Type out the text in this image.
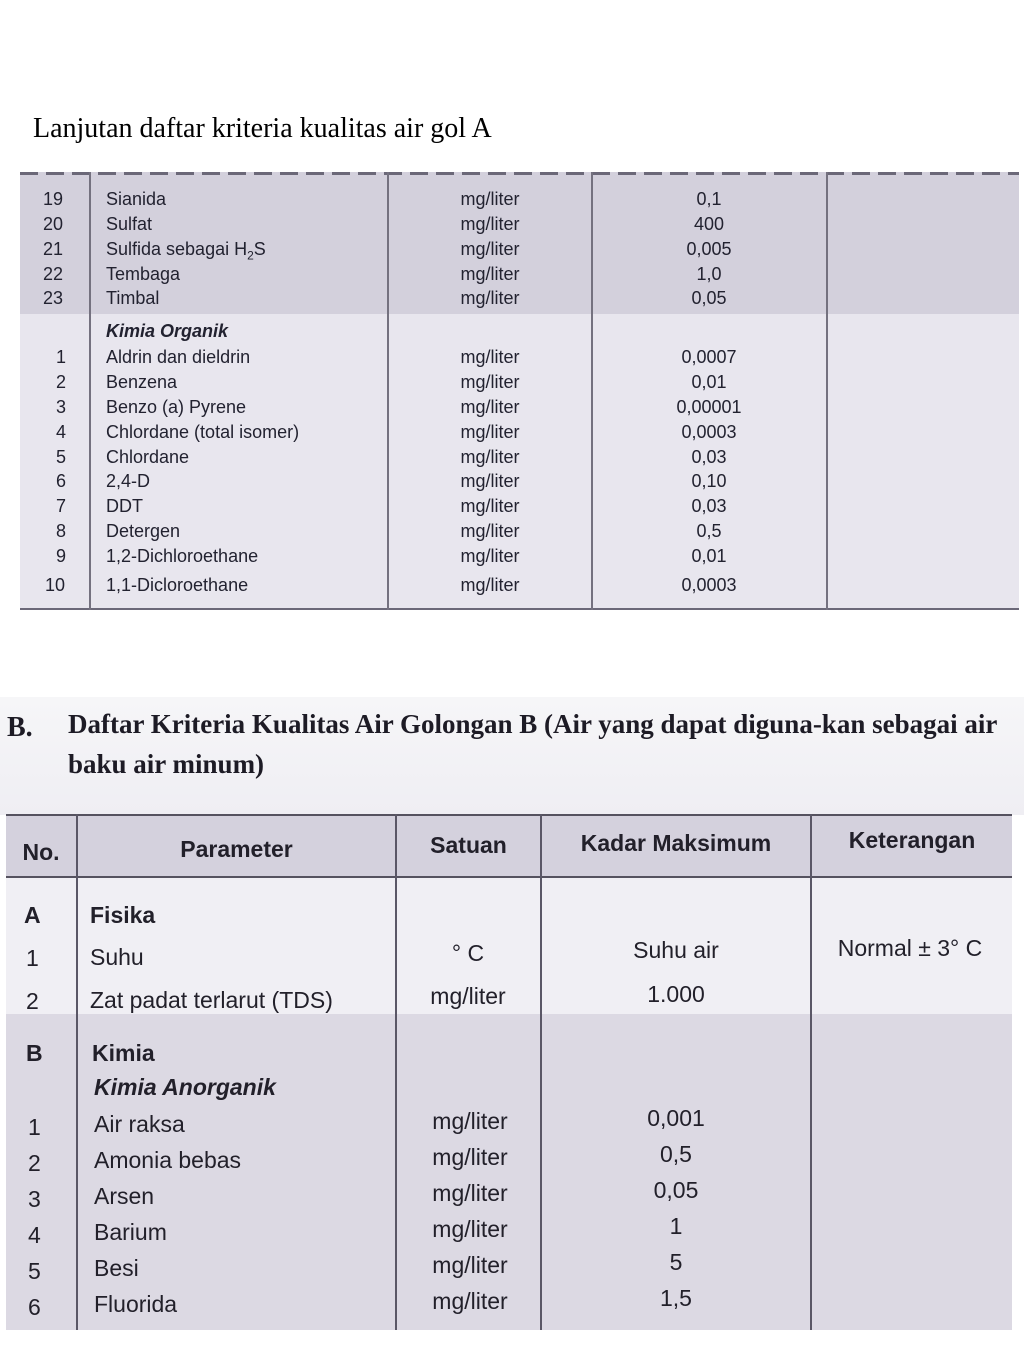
Lanjutan daftar kriteria kualitas air gol A
19	Sianida	mg/liter	0,1
20	Sulfat	mg/liter	400
21	Sulfida sebagai $H_2S$	mg/liter	0,005
22	Tembaga	mg/liter	1,0
23	Timbal	mg/liter	0,05
Kimia Organik
1	Aldrin dan dieldrin	mg/liter	0,0007
2	Benzena	mg/liter	0,01
3	Benzo (a) Pyrene	mg/liter	0,00001
4	Chlordane (total isomer)	mg/liter	0,0003
5	Chlordane	mg/liter	0,03
6	2,4-D	mg/liter	0,10
7	DDT	mg/liter	0,03
8	Detergen	mg/liter	0,5
9	1,2-Dichloroethane	mg/liter	0,01
10	1,1-Dicloroethane	mg/liter	0,0003
B. Daftar Kriteria Kualitas Air Golongan B (Air yang dapat diguna-kan sebagai air baku air minum)
No.	Parameter	Satuan	Kadar Maksimum	Keterangan
A Fisika
1 Suhu	° C	Suhu air	Normal ± 3° C
2 Zat padat terlarut (TDS)	mg/liter	1.000
B Kimia
Kimia Anorganik
1 Air raksa	mg/liter	0,001
2 Amonia bebas	mg/liter	0,5
3 Arsen	mg/liter	0,05
4 Barium	mg/liter	1
5 Besi	mg/liter	5
6 Fluorida	mg/liter	1,5
